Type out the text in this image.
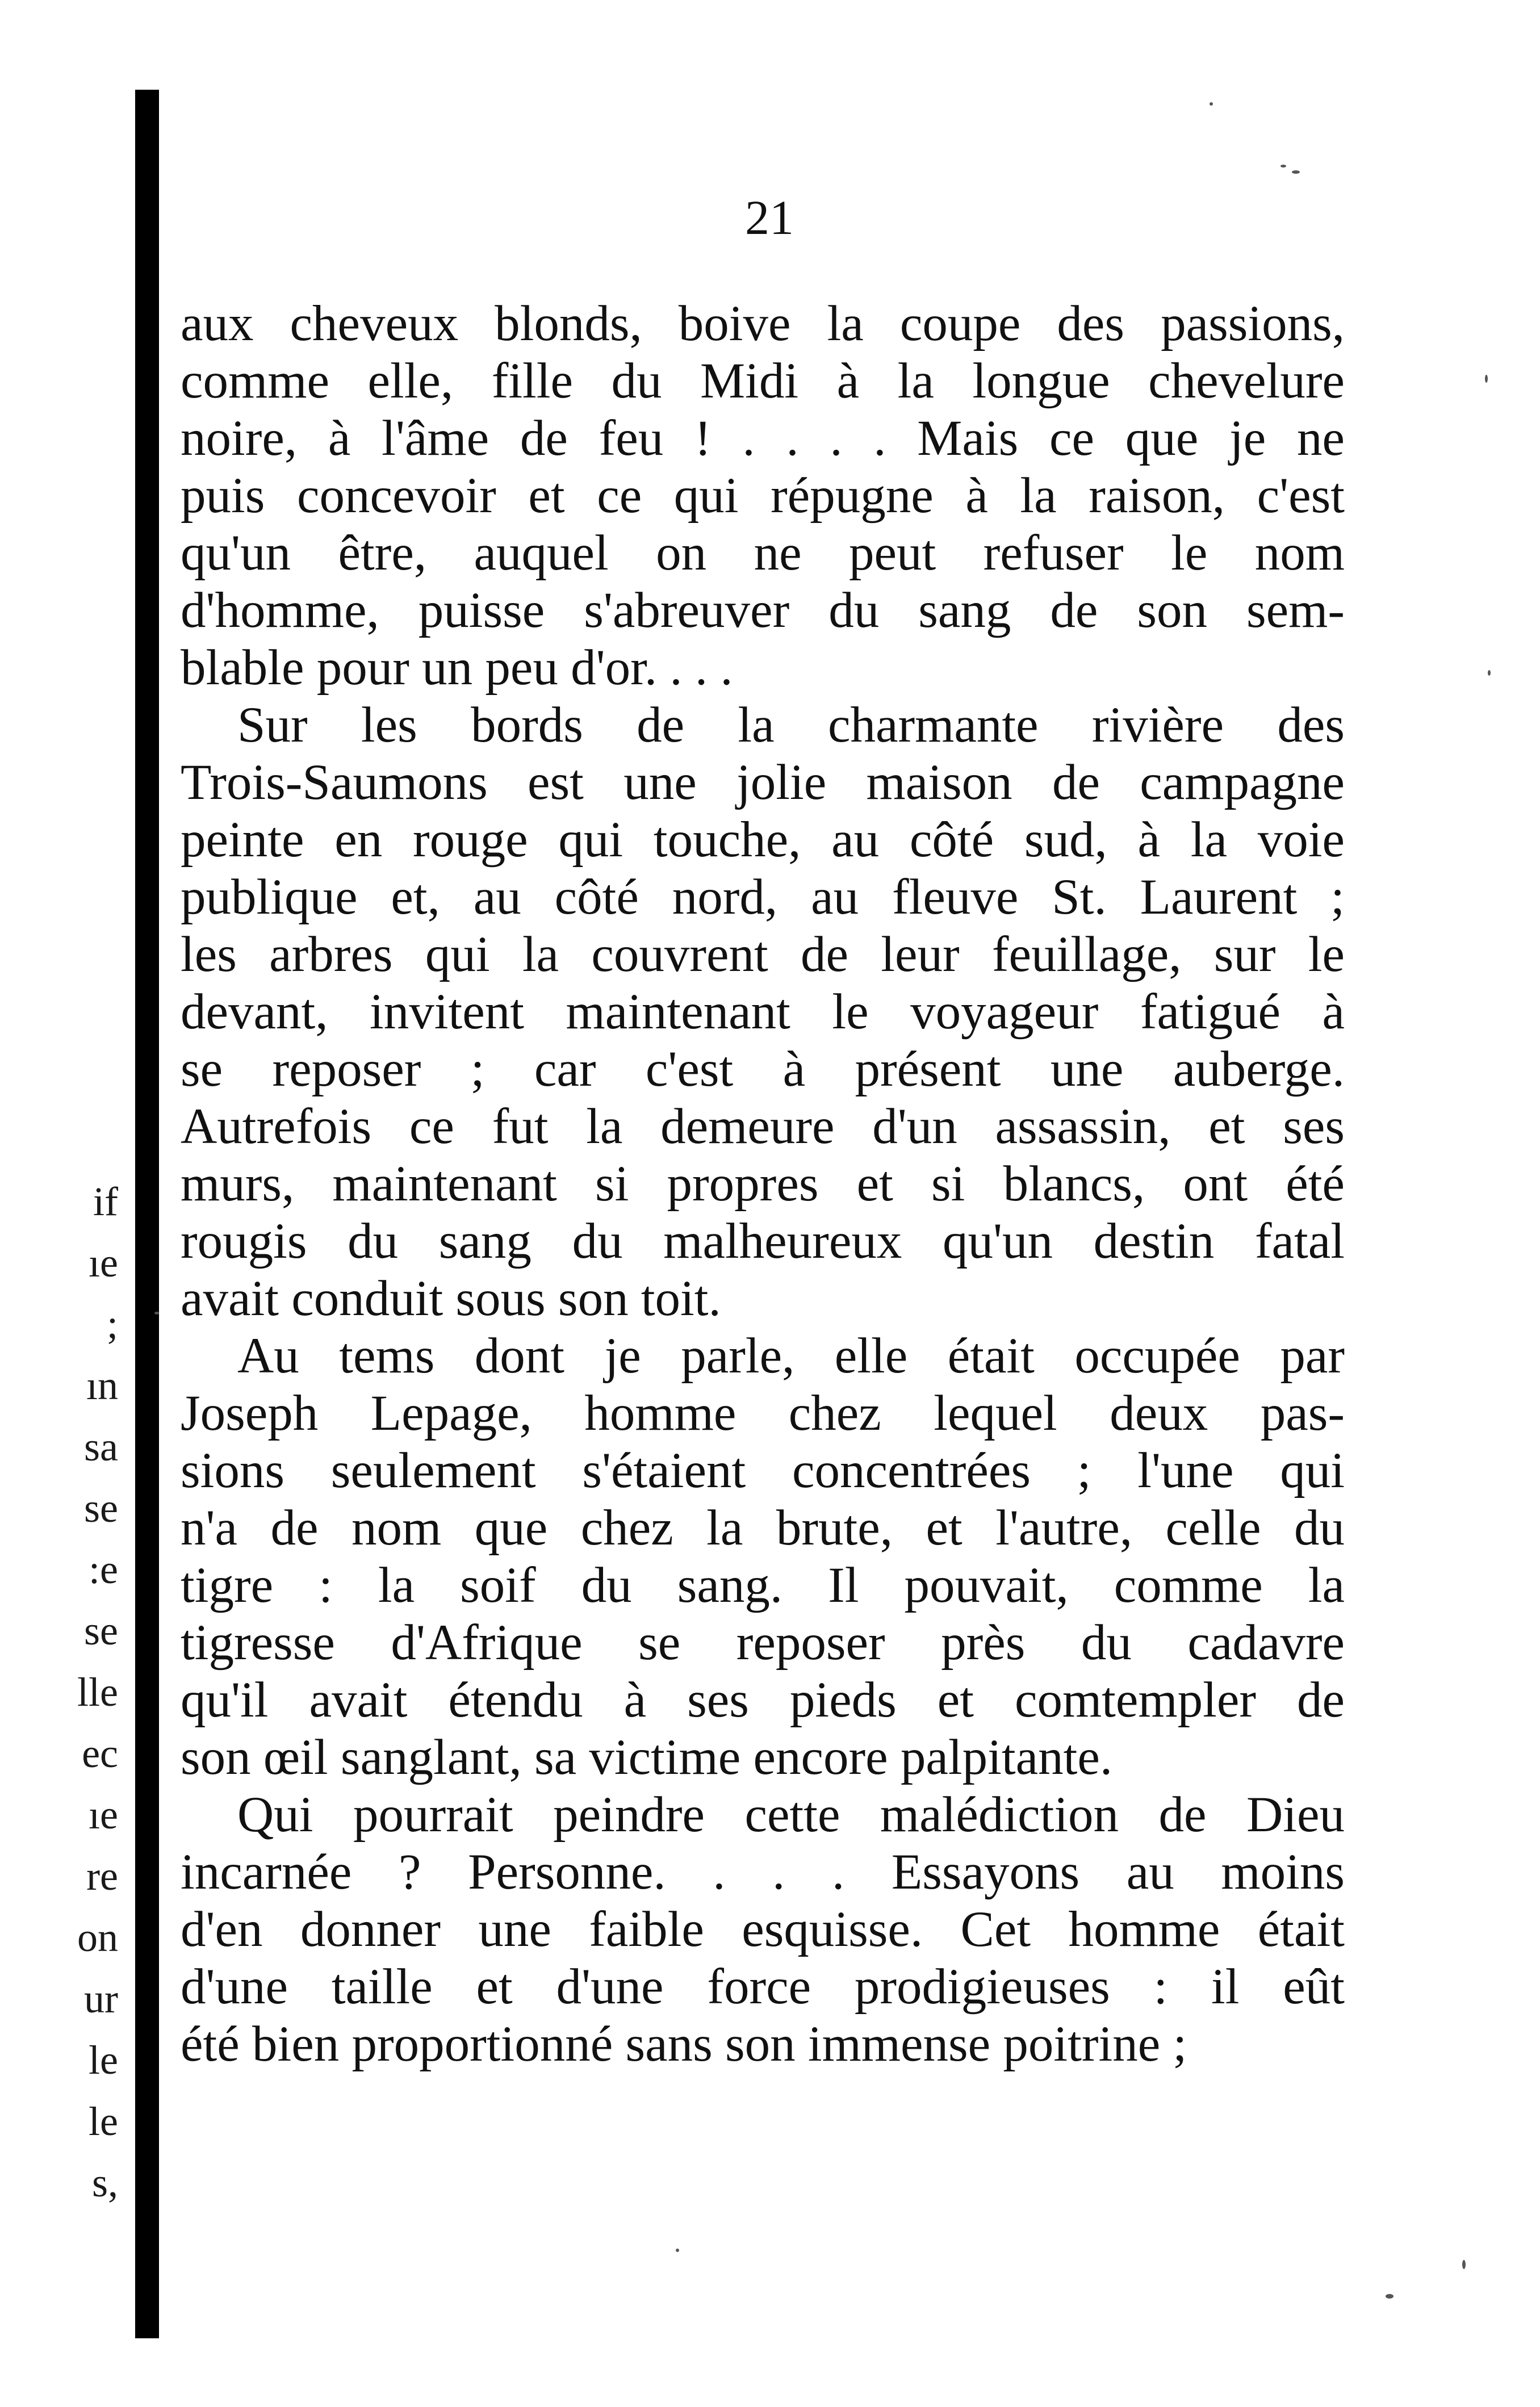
if
ıe
;
ın
sa
se
:e
se
lle
ec
ıe
re
on
ur
le
le
s,
21
aux cheveux blonds, boive la coupe des passions,
comme elle, fille du Midi à la longue chevelure
noire, à l'âme de feu ! . . . . Mais ce que je ne
puis concevoir et ce qui répugne à la raison, c'est
qu'un être, auquel on ne peut refuser le nom
d'homme, puisse s'abreuver du sang de son sem-
blable pour un peu d'or. . . .
Sur les bords de la charmante rivière des
Trois-Saumons est une jolie maison de campagne
peinte en rouge qui touche, au côté sud, à la voie
publique et, au côté nord, au fleuve St. Laurent ;
les arbres qui la couvrent de leur feuillage, sur le
devant, invitent maintenant le voyageur fatigué à
se reposer ; car c'est à présent une auberge.
Autrefois ce fut la demeure d'un assassin, et ses
murs, maintenant si propres et si blancs, ont été
rougis du sang du malheureux qu'un destin fatal
avait conduit sous son toit.
Au tems dont je parle, elle était occupée par
Joseph Lepage, homme chez lequel deux pas-
sions seulement s'étaient concentrées ; l'une qui
n'a de nom que chez la brute, et l'autre, celle du
tigre : la soif du sang. Il pouvait, comme la
tigresse d'Afrique se reposer près du cadavre
qu'il avait étendu à ses pieds et comtempler de
son œil sanglant, sa victime encore palpitante.
Qui pourrait peindre cette malédiction de Dieu
incarnée ? Personne. . . . Essayons au moins
d'en donner une faible esquisse. Cet homme était
d'une taille et d'une force prodigieuses : il eût
été bien proportionné sans son immense poitrine ;
